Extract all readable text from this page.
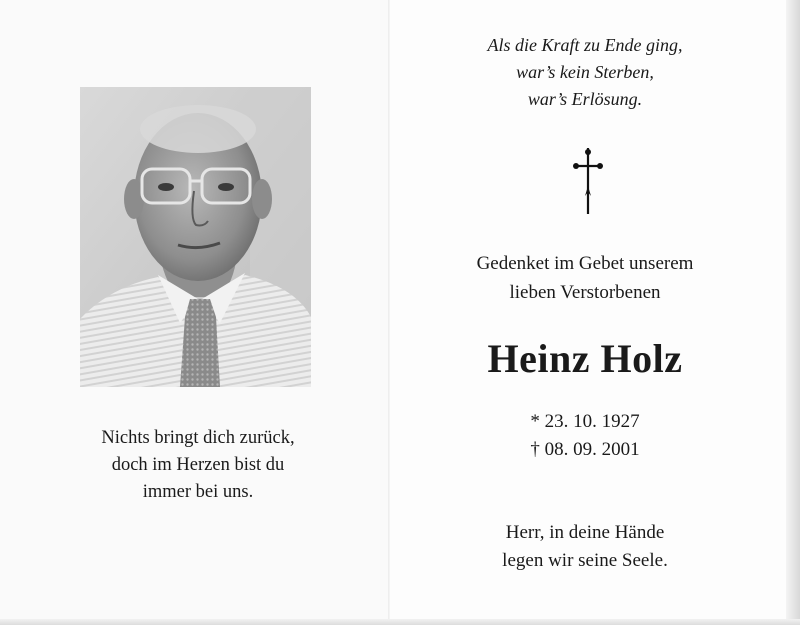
Nichts bringt dich zurück,
doch im Herzen bist du
immer bei uns.
Als die Kraft zu Ende ging,
war’s kein Sterben,
war’s Erlösung.
Gedenket im Gebet unserem
lieben Verstorbenen
Heinz Holz
* 23. 10. 1927
† 08. 09. 2001
Herr, in deine Hände
legen wir seine Seele.
